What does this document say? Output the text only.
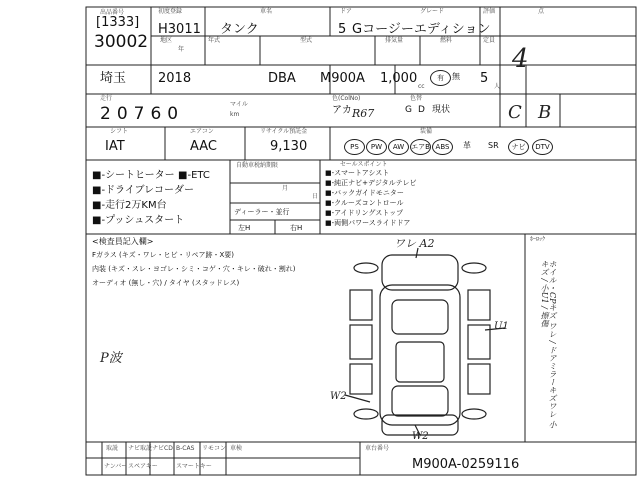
出品番号
[1333]
30002
初度登録
H3011
年
車名
タンク
ドア
5
グレード
Gコージーエディション
評価	点
4
地区
埼玉
年式
2018
型式
DBA M900A
排気量
1,000
cc
燃料
有	無
定員
5
人
走行
20760	km
マイル
色(ColNo)
アカ R67
色替
G D 現状	C B
シフト
IAT
エアコン
AAC
リサイクル預託金
9,130
装備
PS	PW	AW エアB ABS	革 SR	ナビ	DTV
■-シートヒーター ■-ETC
■-ドライブレコーダー
■-走行2万KM台
■-プッシュスタート
自動車税納期限
月
日
ディーラー・並行
左H	右H
セールスポイント
■-スマートアシスト
■-純正ナビ+デジタルテレビ
■-バックガイドモニター
■-クルーズコントロール
■-アイドリングストップ
■-両側パワースライドドア
<検査員記入欄>
Fガラス (キズ・ワレ・ヒビ・リペア跡・X要)
内装 (キズ・スレ・ヨゴレ・シミ・コゲ・穴・キレ・破れ・割れ)
オーディオ (無し・穴) / タイヤ (スタッドレス)
P波
ワレ A2
U1
W2
W2
ﾎｰﾛｯｸ
ホイル・CPキズ ワレ / ドアミラーキズワレ 小キズ / 小U1 / 擦傷
取説 ナビ取説 ナビCD B-CAS リモコン
スペアキー
ナンバー	スマートキー
車検	車台番号
M900A-0259116
